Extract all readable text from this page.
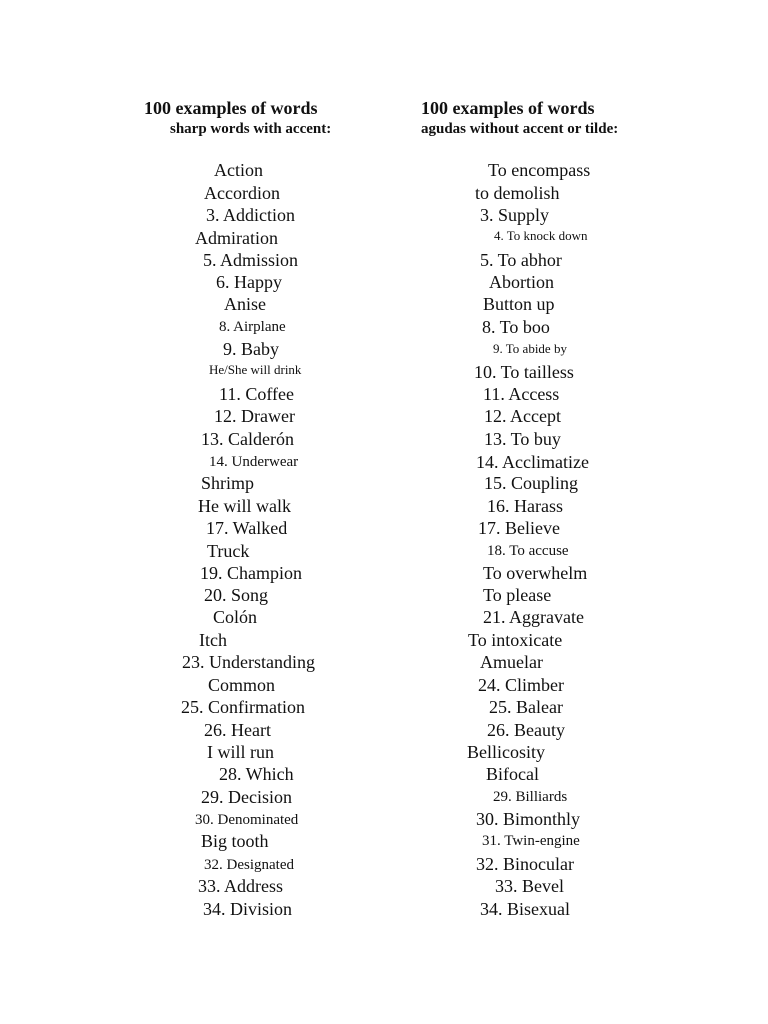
100 examples of words
sharp words with accent:
100 examples of words
agudas without accent or tilde:
Action
Accordion
3. Addiction
Admiration
5. Admission
6. Happy
Anise
8. Airplane
9. Baby
He/She will drink
11. Coffee
12. Drawer
13. Calderón
14. Underwear
Shrimp
He will walk
17. Walked
Truck
19. Champion
20. Song
Colón
Itch
23. Understanding
Common
25. Confirmation
26. Heart
I will run
28. Which
29. Decision
30. Denominated
Big tooth
32. Designated
33. Address
34. Division
To encompass
to demolish
3. Supply
4. To knock down
5. To abhor
Abortion
Button up
8. To boo
9. To abide by
10. To tailless
11. Access
12. Accept
13. To buy
14. Acclimatize
15. Coupling
16. Harass
17. Believe
18. To accuse
To overwhelm
To please
21. Aggravate
To intoxicate
Amuelar
24. Climber
25. Balear
26. Beauty
Bellicosity
Bifocal
29. Billiards
30. Bimonthly
31. Twin-engine
32. Binocular
33. Bevel
34. Bisexual
